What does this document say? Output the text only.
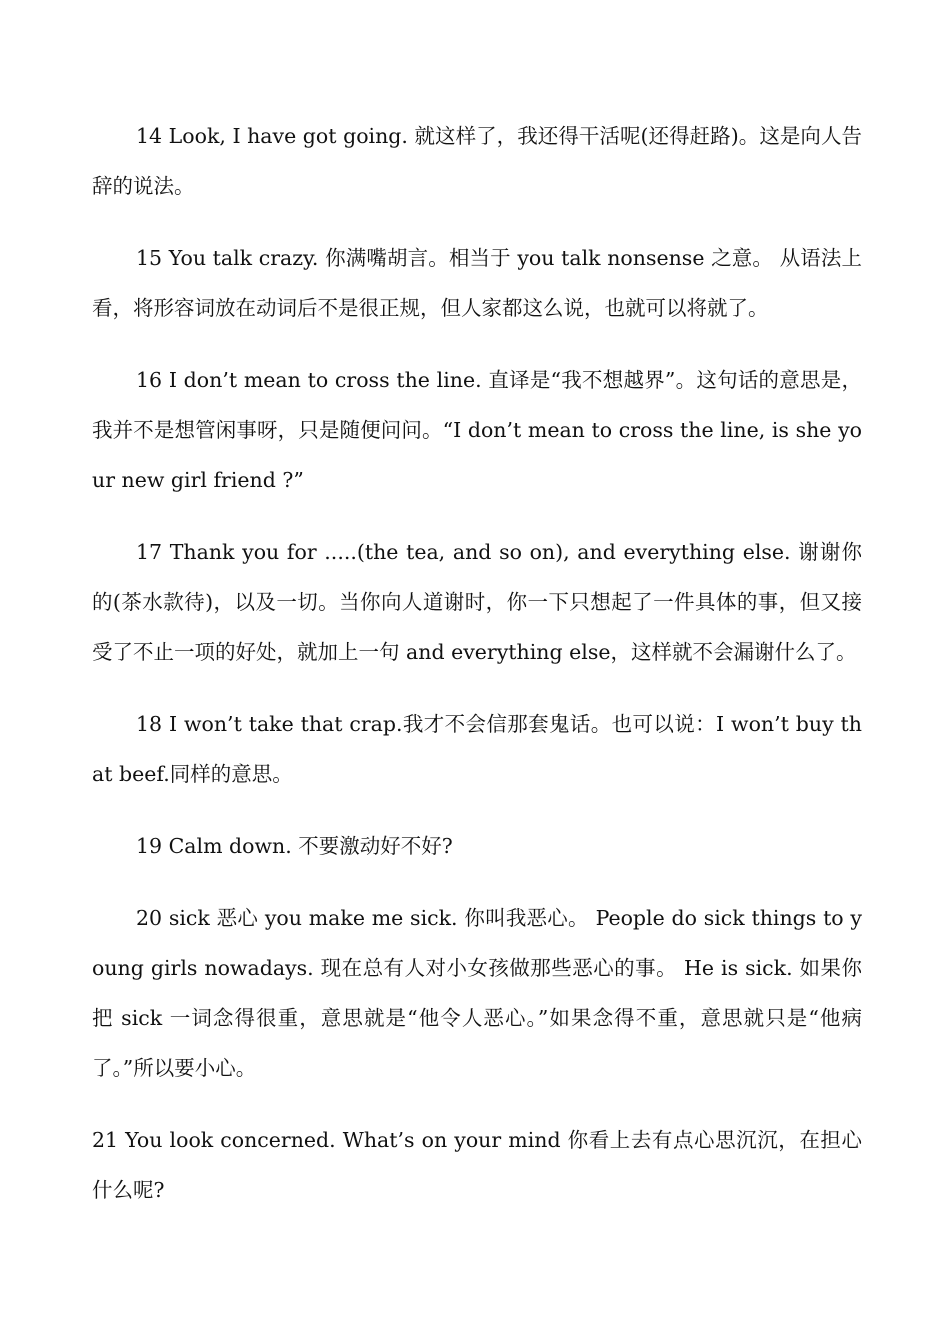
14 Look, I have got going. 就这样了，我还得干活呢(还得赶路)。这是向人告辞的说法。

15 You talk crazy. 你满嘴胡言。相当于 you talk nonsense 之意。 从语法上看，将形容词放在动词后不是很正规，但人家都这么说，也就可以将就了。

16 I don’t mean to cross the line. 直译是“我不想越界”。这句话的意思是，我并不是想管闲事呀，只是随便问问。“I don’t mean to cross the line, is she your new girl friend ?”

17 Thank you for .....(the tea, and so on), and everything else. 谢谢你的(茶水款待)，以及一切。当你向人道谢时，你一下只想起了一件具体的事，但又接受了不止一项的好处，就加上一句 and everything else，这样就不会漏谢什么了。

18 I won’t take that crap.我才不会信那套鬼话。也可以说：I won’t buy that beef.同样的意思。

19 Calm down. 不要激动好不好?

20 sick 恶心 you make me sick. 你叫我恶心。 People do sick things to young girls nowadays. 现在总有人对小女孩做那些恶心的事。 He is sick. 如果你把 sick 一词念得很重，意思就是“他令人恶心。”如果念得不重，意思就只是“他病了。”所以要小心。

21 You look concerned. What’s on your mind 你看上去有点心思沉沉，在担心什么呢?
